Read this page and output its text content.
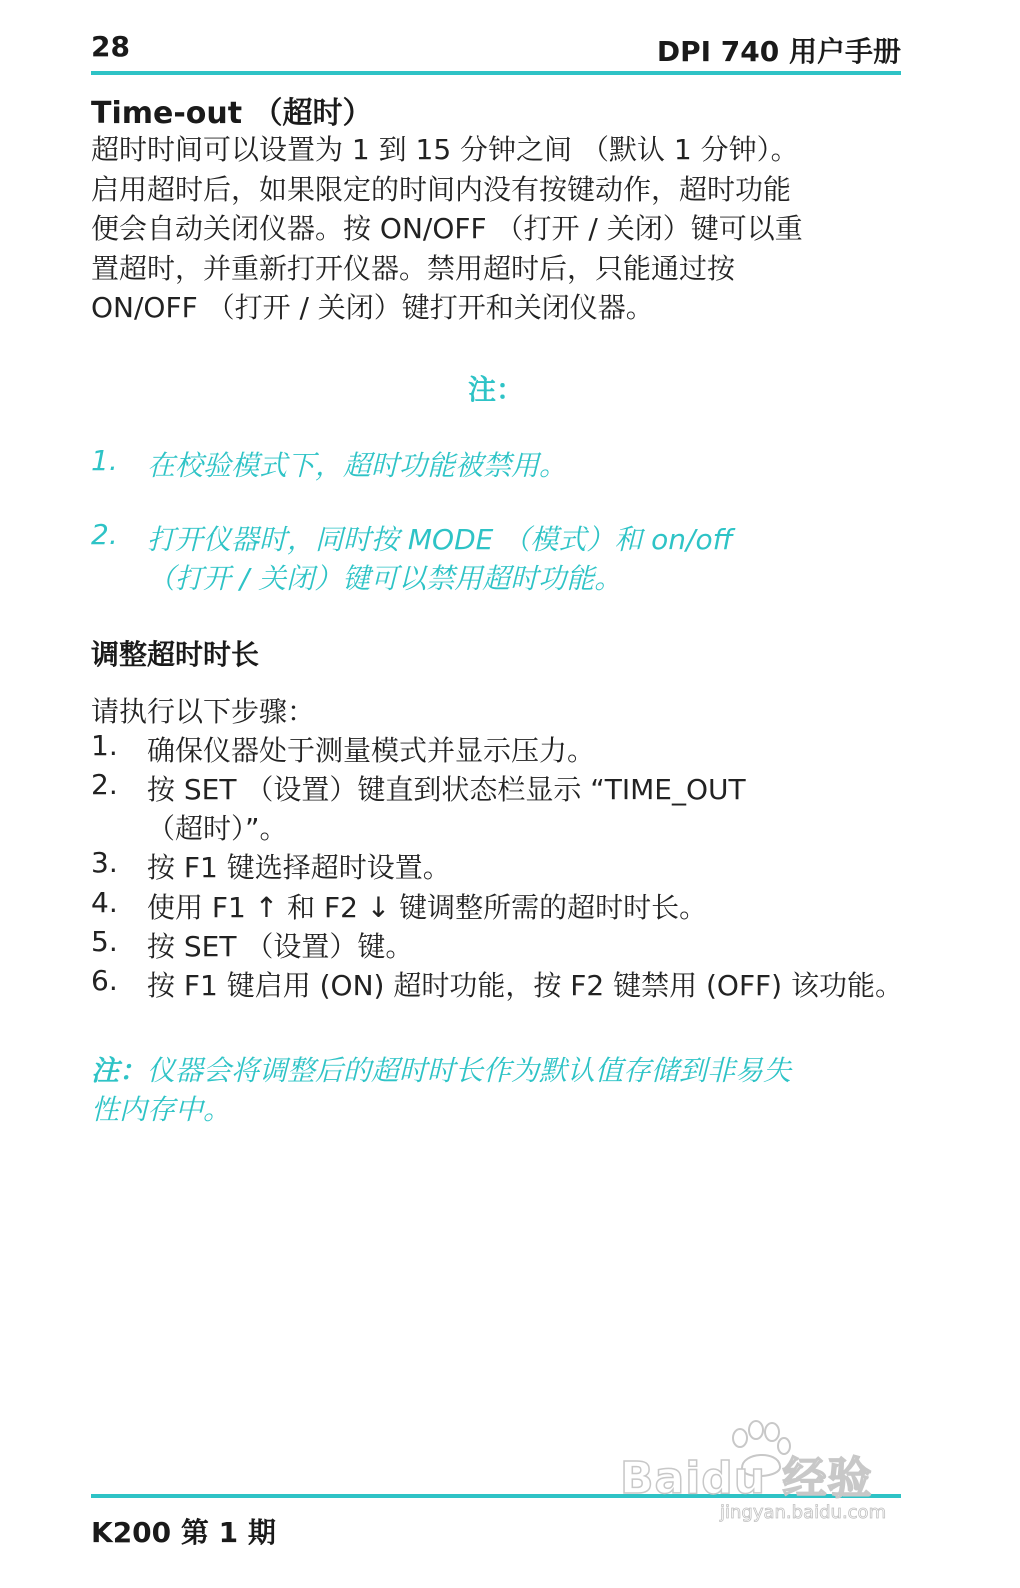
28	DPI 740 用户手册
Time-out （超时）
超时时间可以设置为 1 到 15 分钟之间 （默认 1 分钟）。
启用超时后，如果限定的时间内没有按键动作，超时功能
便会自动关闭仪器。按 ON/OFF （打开 / 关闭）键可以重
置超时，并重新打开仪器。禁用超时后，只能通过按
ON/OFF （打开 / 关闭）键打开和关闭仪器。
注：
1. 在校验模式下，超时功能被禁用。
2. 打开仪器时，同时按 MODE （模式）和 on/off
（打开 / 关闭）键可以禁用超时功能。
调整超时时长
请执行以下步骤：
1. 确保仪器处于测量模式并显示压力。
2. 按 SET （设置）键直到状态栏显示 “TIME_OUT
（超时）”。
3. 按 F1 键选择超时设置。
4. 使用 F1 ↑ 和 F2 ↓ 键调整所需的超时时长。
5. 按 SET （设置）键。
6. 按 F1 键启用 (ON) 超时功能，按 F2 键禁用 (OFF) 该功能。
注：仪器会将调整后的超时时长作为默认值存储到非易失
性内存中。
K200 第 1 期
Baidu 经验
jingyan.baidu.com
